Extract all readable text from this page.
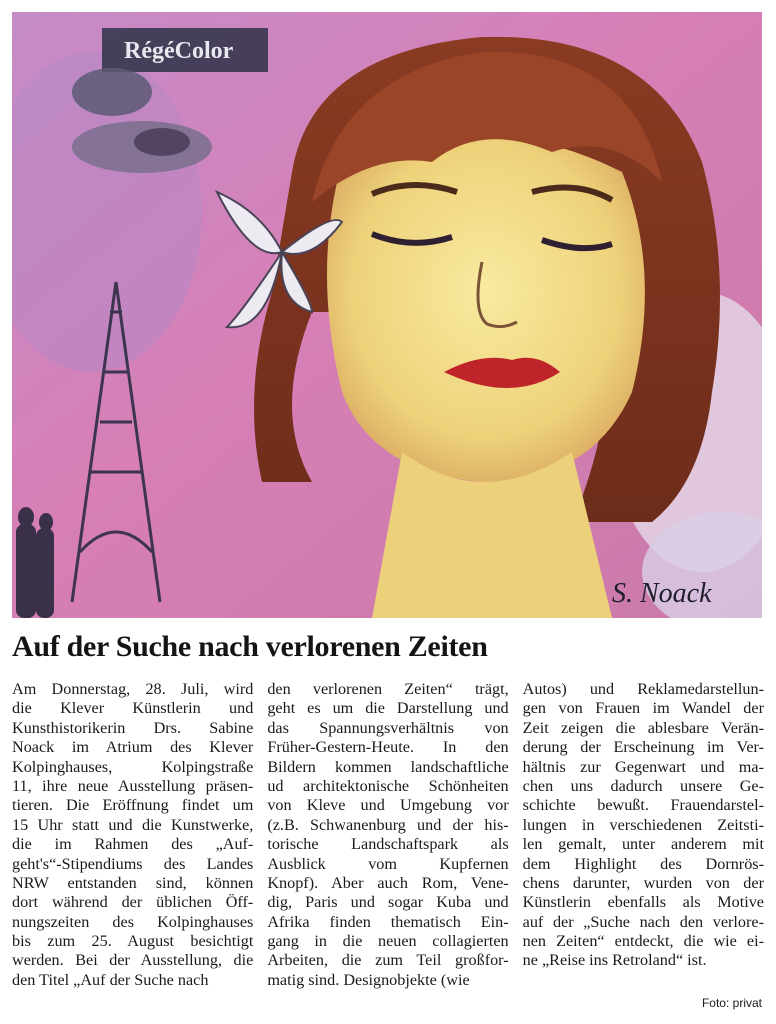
RégéColor
S. Noack
Auf der Suche nach verlorenen Zeiten
Am Donnerstag, 28. Juli, wird
die Klever Künstlerin und
Kunsthistorikerin Drs. Sabine
Noack im Atrium des Klever
Kolpinghauses, Kolpingstraße
11, ihre neue Ausstellung präsen-
tieren. Die Eröffnung findet um
15 Uhr statt und die Kunstwerke,
die im Rahmen des „Auf-
geht's“-Stipendiums des Landes
NRW entstanden sind, können
dort während der üblichen Öff-
nungszeiten des Kolpinghauses
bis zum 25. August besichtigt
werden. Bei der Ausstellung, die
den Titel „Auf der Suche nach
den verlorenen Zeiten“ trägt,
geht es um die Darstellung und
das Spannungsverhältnis von
Früher-Gestern-Heute. In den
Bildern kommen landschaftliche
ud architektonische Schönheiten
von Kleve und Umgebung vor
(z.B. Schwanenburg und der his-
torische Landschaftspark als
Ausblick vom Kupfernen
Knopf). Aber auch Rom, Vene-
dig, Paris und sogar Kuba und
Afrika finden thematisch Ein-
gang in die neuen collagierten
Arbeiten, die zum Teil großfor-
matig sind. Designobjekte (wie
Autos) und Reklamedarstellun-
gen von Frauen im Wandel der
Zeit zeigen die ablesbare Verän-
derung der Erscheinung im Ver-
hältnis zur Gegenwart und ma-
chen uns dadurch unsere Ge-
schichte bewußt. Frauendarstel-
lungen in verschiedenen Zeitsti-
len gemalt, unter anderem mit
dem Highlight des Dornrös-
chens darunter, wurden von der
Künstlerin ebenfalls als Motive
auf der „Suche nach den verlore-
nen Zeiten“ entdeckt, die wie ei-
ne „Reise ins Retroland“ ist.
Foto: privat
